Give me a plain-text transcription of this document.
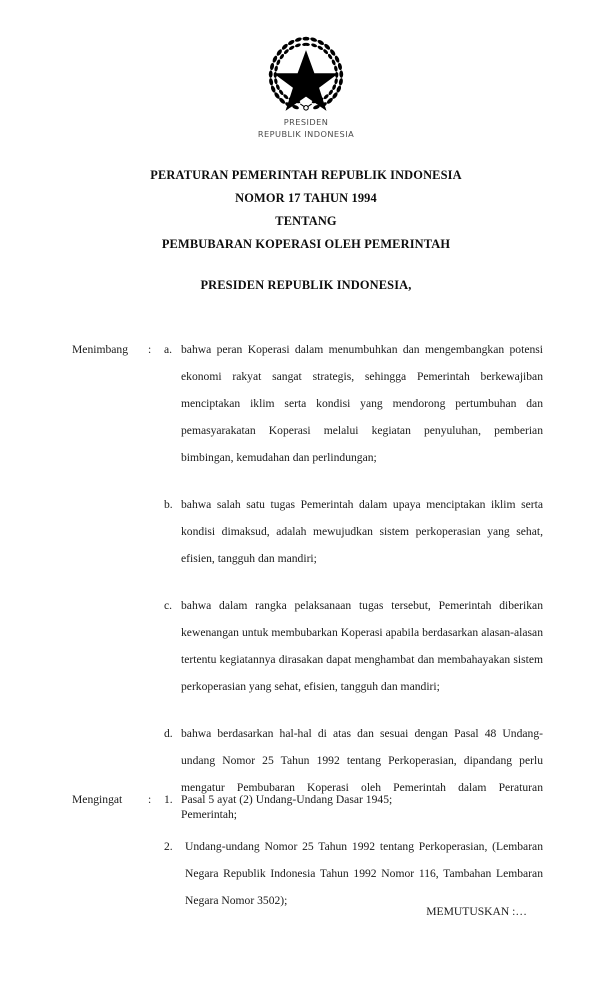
PRESIDEN
REPUBLIK INDONESIA
PERATURAN PEMERINTAH REPUBLIK INDONESIA
NOMOR 17 TAHUN 1994
TENTANG
PEMBUBARAN KOPERASI OLEH PEMERINTAH
PRESIDEN REPUBLIK INDONESIA,
Menimbang	:	a. bahwa peran Koperasi dalam menumbuhkan dan mengembangkan potensi ekonomi rakyat sangat strategis, sehingga Pemerintah berkewajiban menciptakan iklim serta kondisi yang mendorong pertumbuhan dan pemasyarakatan Koperasi melalui kegiatan penyuluhan, pemberian bimbingan, kemudahan dan perlindungan;
b. bahwa salah satu tugas Pemerintah dalam upaya menciptakan iklim serta kondisi dimaksud, adalah mewujudkan sistem perkoperasian yang sehat, efisien, tangguh dan mandiri;
c. bahwa dalam rangka pelaksanaan tugas tersebut, Pemerintah diberikan kewenangan untuk membubarkan Koperasi apabila berdasarkan alasan-alasan tertentu kegiatannya dirasakan dapat menghambat dan membahayakan sistem perkoperasian yang sehat, efisien, tangguh dan mandiri;
d. bahwa berdasarkan hal-hal di atas dan sesuai dengan Pasal 48 Undang-undang Nomor 25 Tahun 1992 tentang Perkoperasian, dipandang perlu mengatur Pembubaran Koperasi oleh Pemerintah dalam Peraturan Pemerintah;
Mengingat	:	1. Pasal 5 ayat (2) Undang-Undang Dasar 1945;
2.	Undang-undang Nomor 25 Tahun 1992 tentang Perkoperasian, (Lembaran Negara Republik Indonesia Tahun 1992 Nomor 116, Tambahan Lembaran Negara Nomor 3502);
MEMUTUSKAN :…
